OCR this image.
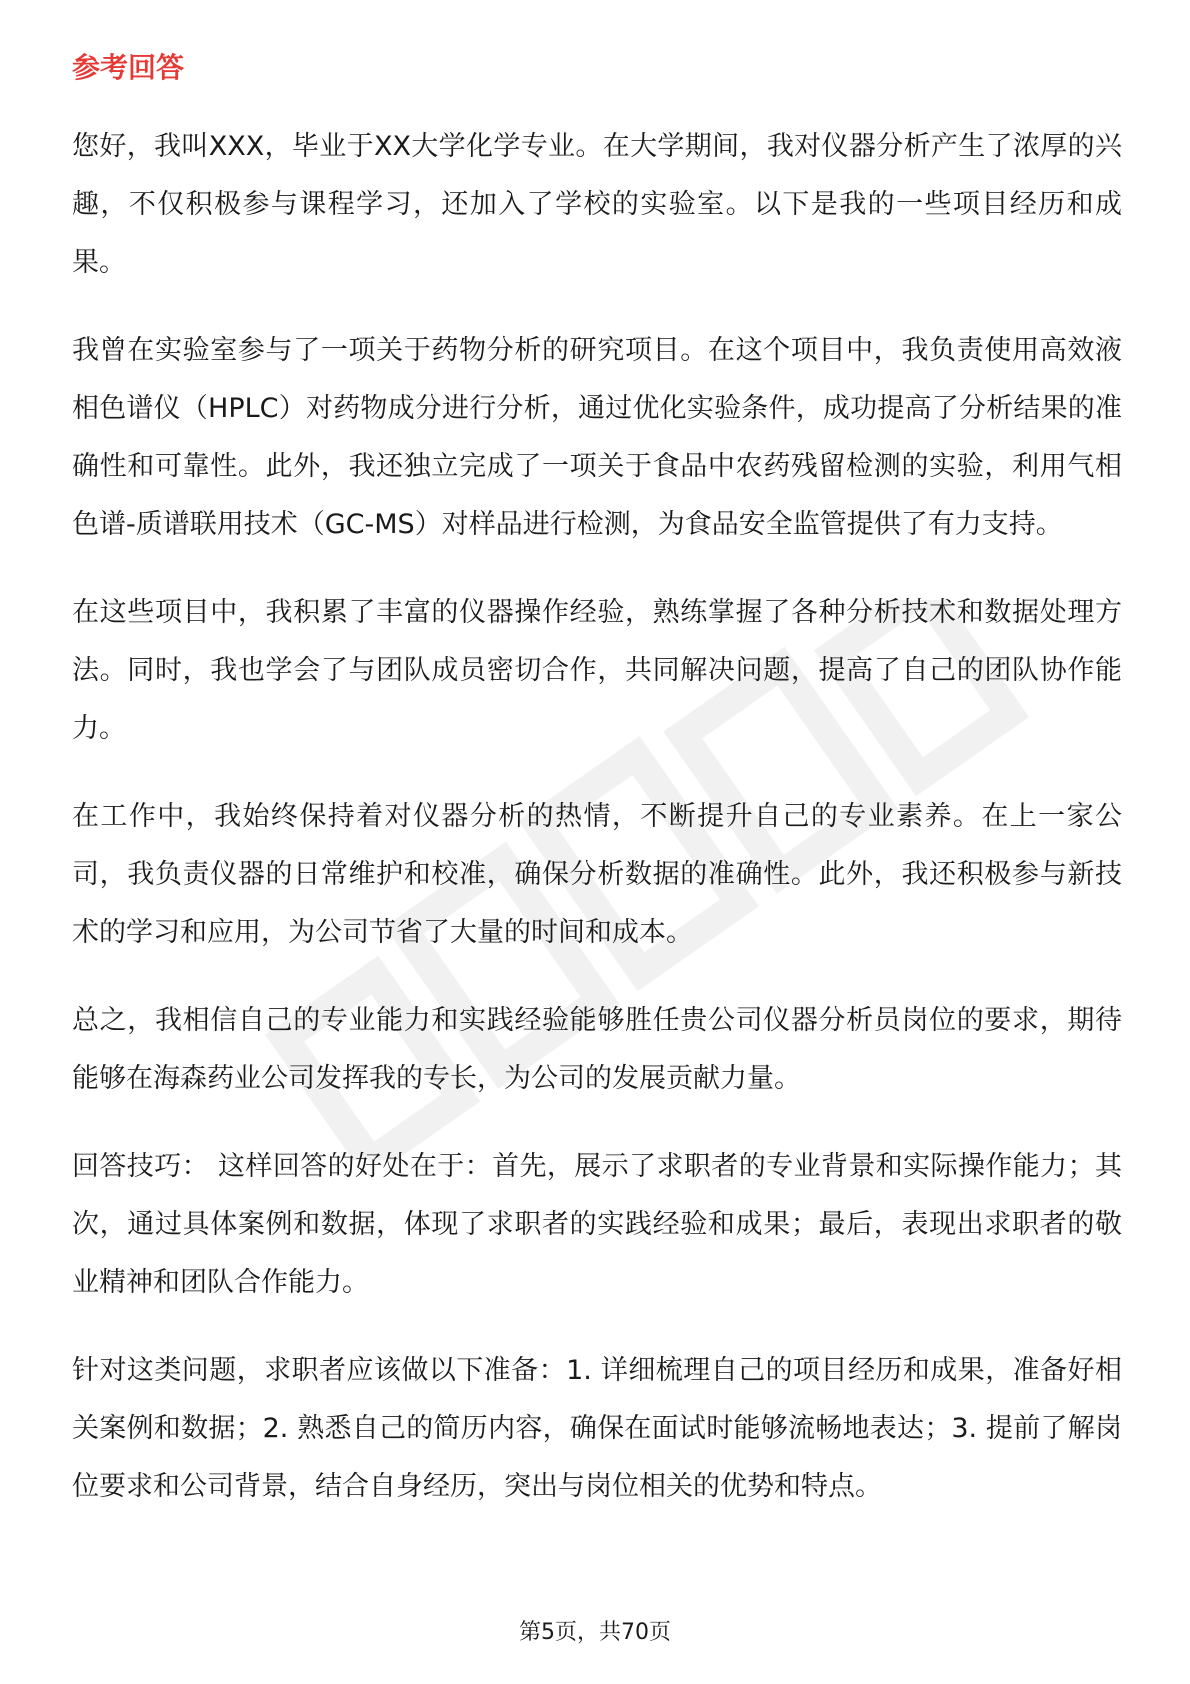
参考回答

您好，我叫XXX，毕业于XX大学化学专业。在大学期间，我对仪器分析产生了浓厚的兴趣，不仅积极参与课程学习，还加入了学校的实验室。以下是我的一些项目经历和成果。

我曾在实验室参与了一项关于药物分析的研究项目。在这个项目中，我负责使用高效液相色谱仪（HPLC）对药物成分进行分析，通过优化实验条件，成功提高了分析结果的准确性和可靠性。此外，我还独立完成了一项关于食品中农药残留检测的实验，利用气相色谱-质谱联用技术（GC-MS）对样品进行检测，为食品安全监管提供了有力支持。

在这些项目中，我积累了丰富的仪器操作经验，熟练掌握了各种分析技术和数据处理方法。同时，我也学会了与团队成员密切合作，共同解决问题，提高了自己的团队协作能力。

在工作中，我始终保持着对仪器分析的热情，不断提升自己的专业素养。在上一家公司，我负责仪器的日常维护和校准，确保分析数据的准确性。此外，我还积极参与新技术的学习和应用，为公司节省了大量的时间和成本。

总之，我相信自己的专业能力和实践经验能够胜任贵公司仪器分析员岗位的要求，期待能够在海森药业公司发挥我的专长，为公司的发展贡献力量。

回答技巧： 这样回答的好处在于：首先，展示了求职者的专业背景和实际操作能力；其次，通过具体案例和数据，体现了求职者的实践经验和成果；最后，表现出求职者的敬业精神和团队合作能力。

针对这类问题，求职者应该做以下准备：1. 详细梳理自己的项目经历和成果，准备好相关案例和数据；2. 熟悉自己的简历内容，确保在面试时能够流畅地表达；3. 提前了解岗位要求和公司背景，结合自身经历，突出与岗位相关的优势和特点。

第5页，共70页
